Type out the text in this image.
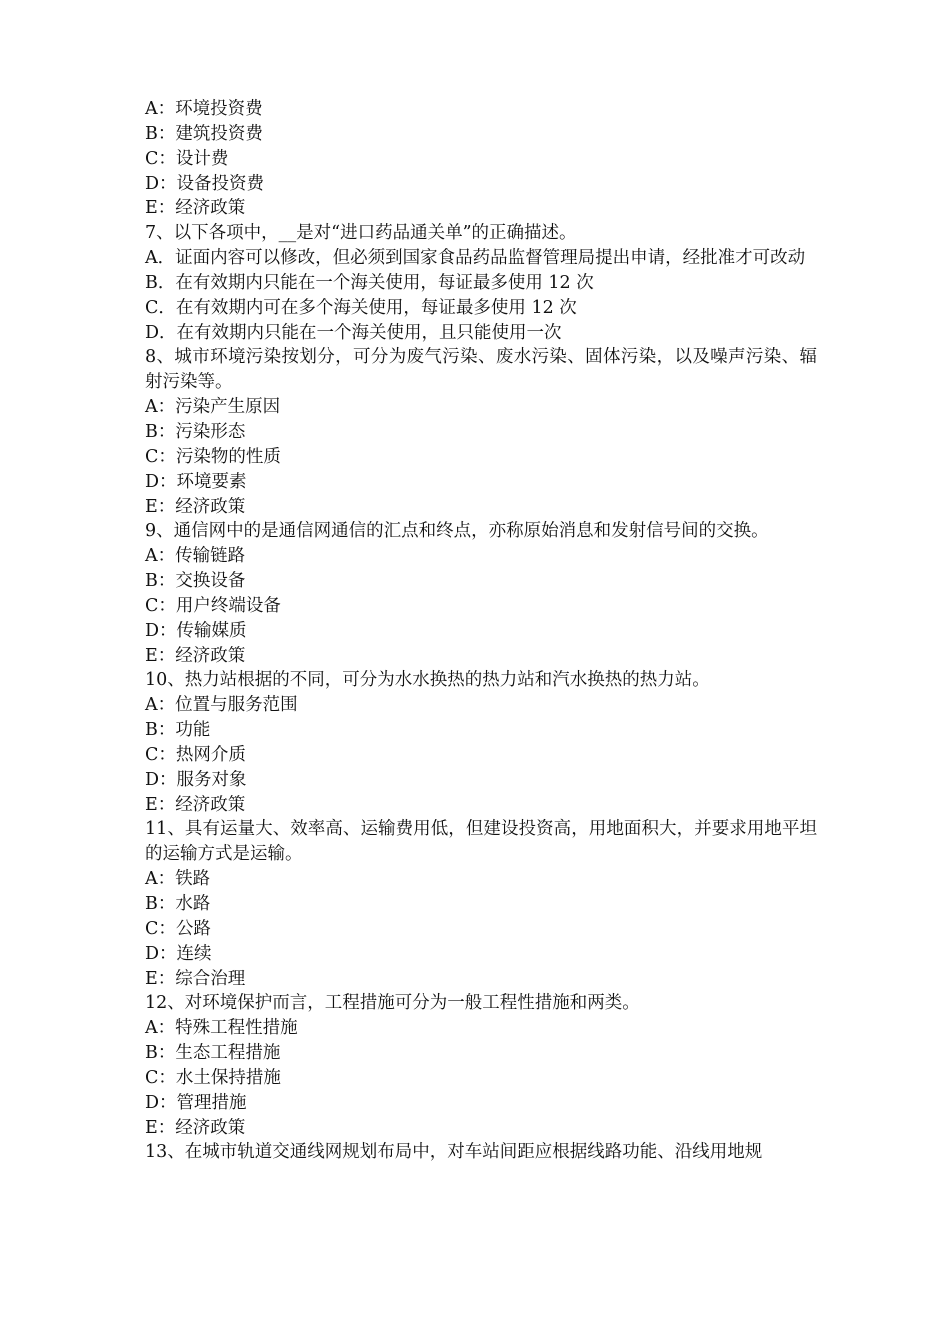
A：环境投资费
B：建筑投资费
C：设计费
D：设备投资费
E：经济政策
7、以下各项中，__是对“进口药品通关单”的正确描述。
A．证面内容可以修改，但必须到国家食品药品监督管理局提出申请，经批准才可改动
B．在有效期内只能在一个海关使用，每证最多使用 12 次
C．在有效期内可在多个海关使用，每证最多使用 12 次
D．在有效期内只能在一个海关使用，且只能使用一次
8、城市环境污染按划分，可分为废气污染、废水污染、固体污染，以及噪声污染、辐射污染等。
A：污染产生原因
B：污染形态
C：污染物的性质
D：环境要素
E：经济政策
9、通信网中的是通信网通信的汇点和终点，亦称原始消息和发射信号间的交换。
A：传输链路
B：交换设备
C：用户终端设备
D：传输媒质
E：经济政策
10、热力站根据的不同，可分为水水换热的热力站和汽水换热的热力站。
A：位置与服务范围
B：功能
C：热网介质
D：服务对象
E：经济政策
11、具有运量大、效率高、运输费用低，但建设投资高，用地面积大，并要求用地平坦的运输方式是运输。
A：铁路
B：水路
C：公路
D：连续
E：综合治理
12、对环境保护而言，工程措施可分为一般工程性措施和两类。
A：特殊工程性措施
B：生态工程措施
C：水土保持措施
D：管理措施
E：经济政策
13、在城市轨道交通线网规划布局中，对车站间距应根据线路功能、沿线用地规
